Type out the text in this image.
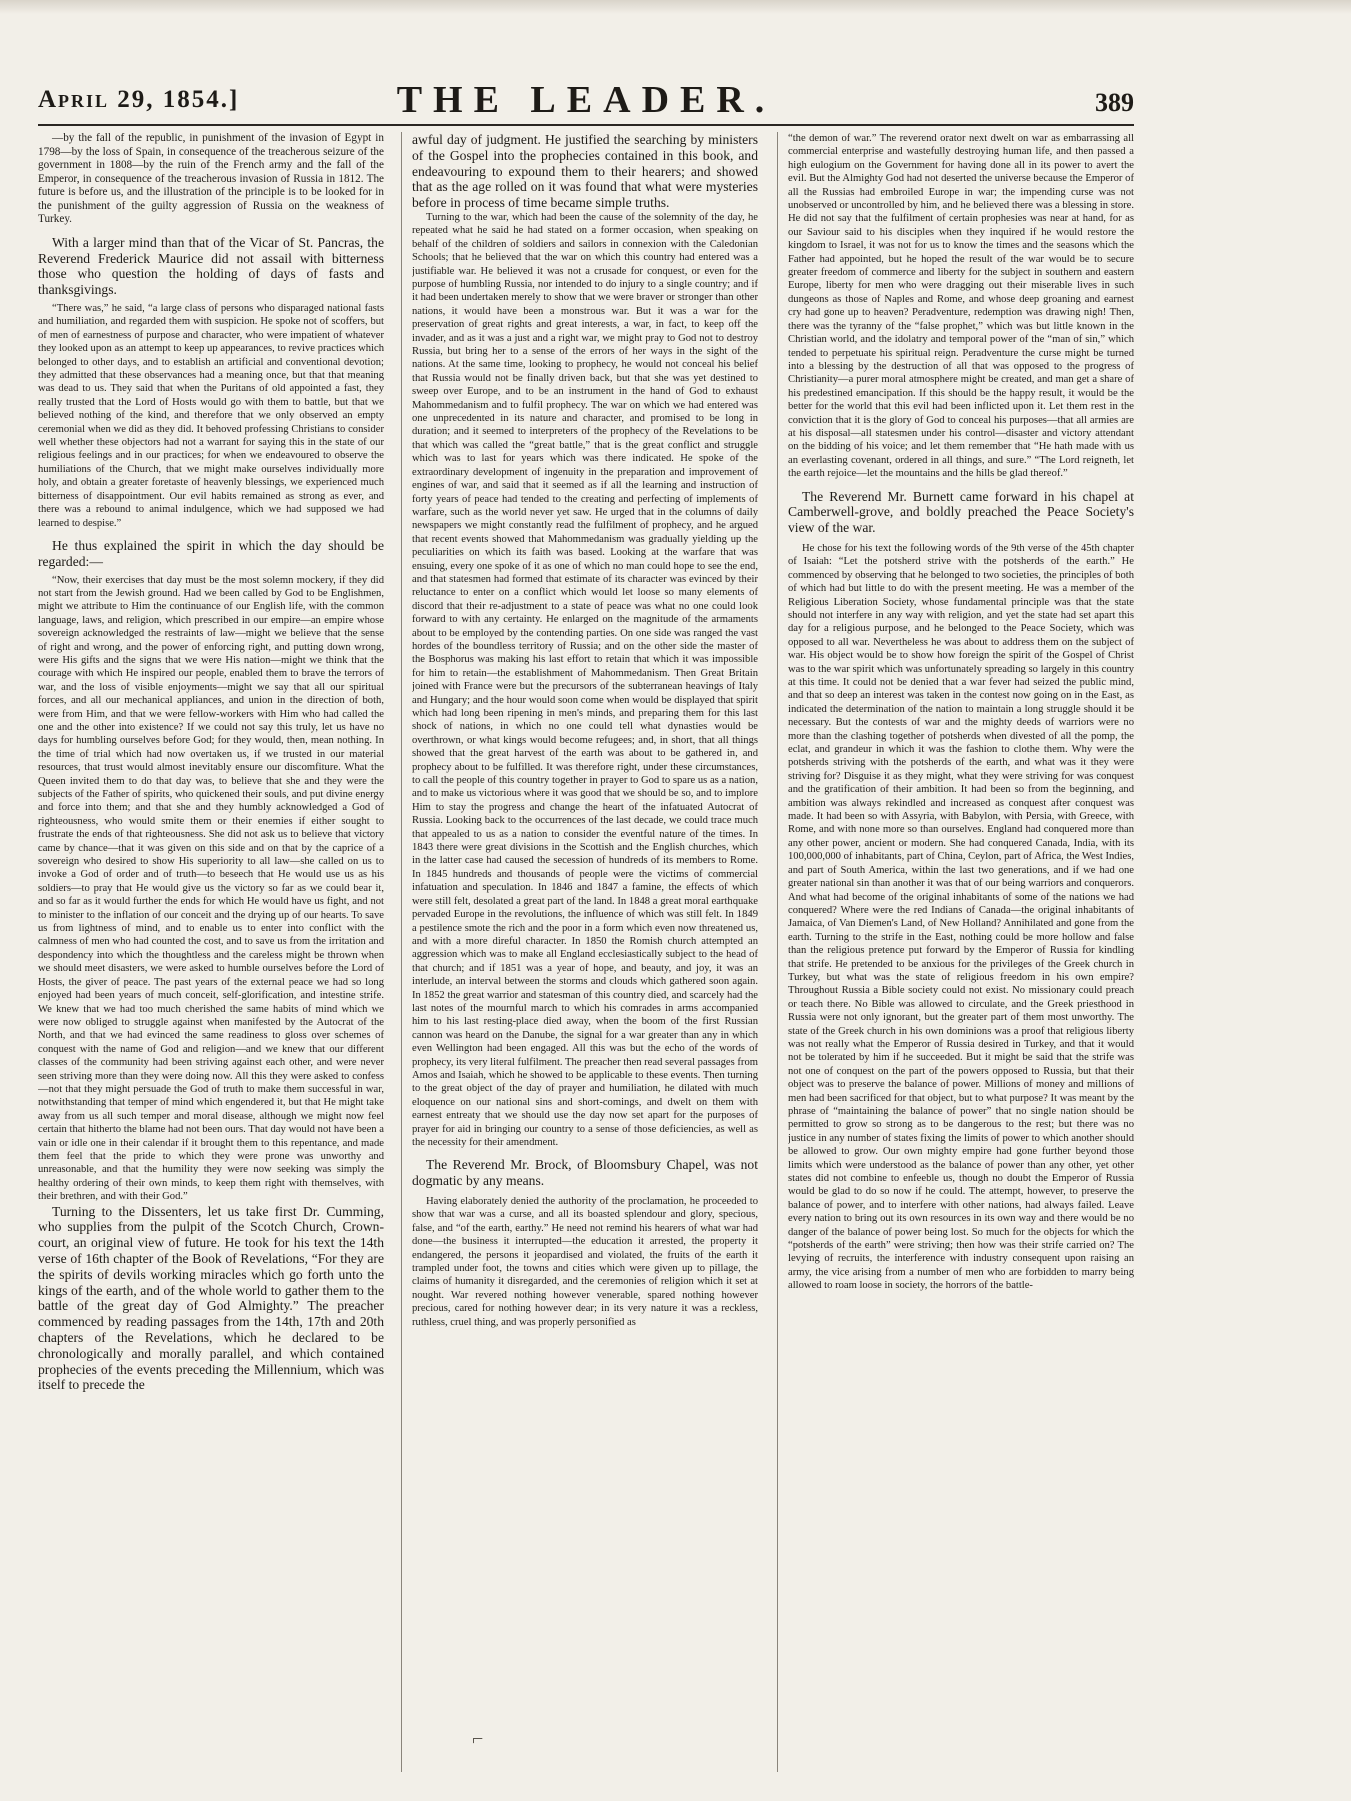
April 29, 1854.]	THE LEADER.	389

—by the fall of the republic, in punishment of the invasion of Egypt in 1798—by the loss of Spain, in consequence of the treacherous seizure of the government in 1808—by the ruin of the French army and the fall of the Emperor, in consequence of the treacherous invasion of Russia in 1812. The future is before us, and the illustration of the principle is to be looked for in the punishment of the guilty aggression of Russia on the weakness of Turkey.

With a larger mind than that of the Vicar of St. Pancras, the Reverend Frederick Maurice did not assail with bitterness those who question the holding of days of fasts and thanksgivings.

“There was,” he said, “a large class of persons who disparaged national fasts and humiliation, and regarded them with suspicion. He spoke not of scoffers, but of men of earnestness of purpose and character, who were impatient of whatever they looked upon as an attempt to keep up appearances, to revive practices which belonged to other days, and to establish an artificial and conventional devotion; they admitted that these observances had a meaning once, but that that meaning was dead to us. They said that when the Puritans of old appointed a fast, they really trusted that the Lord of Hosts would go with them to battle, but that we believed nothing of the kind, and therefore that we only observed an empty ceremonial when we did as they did. It behoved professing Christians to consider well whether these objectors had not a warrant for saying this in the state of our religious feelings and in our practices; for when we endeavoured to observe the humiliations of the Church, that we might make ourselves individually more holy, and obtain a greater foretaste of heavenly blessings, we experienced much bitterness of disappointment. Our evil habits remained as strong as ever, and there was a rebound to animal indulgence, which we had supposed we had learned to despise.”

He thus explained the spirit in which the day should be regarded:—

“Now, their exercises that day must be the most solemn mockery, if they did not start from the Jewish ground. Had we been called by God to be Englishmen, might we attribute to Him the continuance of our English life, with the common language, laws, and religion, which prescribed in our empire—an empire whose sovereign acknowledged the restraints of law—might we believe that the sense of right and wrong, and the power of enforcing right, and putting down wrong, were His gifts and the signs that we were His nation—might we think that the courage with which He inspired our people, enabled them to brave the terrors of war, and the loss of visible enjoyments—might we say that all our spiritual forces, and all our mechanical appliances, and union in the direction of both, were from Him, and that we were fellow-workers with Him who had called the one and the other into existence? If we could not say this truly, let us have no days for humbling ourselves before God; for they would, then, mean nothing. In the time of trial which had now overtaken us, if we trusted in our material resources, that trust would almost inevitably ensure our discomfiture. What the Queen invited them to do that day was, to believe that she and they were the subjects of the Father of spirits, who quickened their souls, and put divine energy and force into them; and that she and they humbly acknowledged a God of righteousness, who would smite them or their enemies if either sought to frustrate the ends of that righteousness. She did not ask us to believe that victory came by chance—that it was given on this side and on that by the caprice of a sovereign who desired to show His superiority to all law—she called on us to invoke a God of order and of truth—to beseech that He would use us as his soldiers—to pray that He would give us the victory so far as we could bear it, and so far as it would further the ends for which He would have us fight, and not to minister to the inflation of our conceit and the drying up of our hearts. To save us from lightness of mind, and to enable us to enter into conflict with the calmness of men who had counted the cost, and to save us from the irritation and despondency into which the thoughtless and the careless might be thrown when we should meet disasters, we were asked to humble ourselves before the Lord of Hosts, the giver of peace. The past years of the external peace we had so long enjoyed had been years of much conceit, self-glorification, and intestine strife. We knew that we had too much cherished the same habits of mind which we were now obliged to struggle against when manifested by the Autocrat of the North, and that we had evinced the same readiness to gloss over schemes of conquest with the name of God and religion—and we knew that our different classes of the community had been striving against each other, and were never seen striving more than they were doing now. All this they were asked to confess—not that they might persuade the God of truth to make them successful in war, notwithstanding that temper of mind which engendered it, but that He might take away from us all such temper and moral disease, although we might now feel certain that hitherto the blame had not been ours. That day would not have been a vain or idle one in their calendar if it brought them to this repentance, and made them feel that the pride to which they were prone was unworthy and unreasonable, and that the humility they were now seeking was simply the healthy ordering of their own minds, to keep them right with themselves, with their brethren, and with their God.”

Turning to the Dissenters, let us take first Dr. Cumming, who supplies from the pulpit of the Scotch Church, Crown-court, an original view of future. He took for his text the 14th verse of 16th chapter of the Book of Revelations, “For they are the spirits of devils working miracles which go forth unto the kings of the earth, and of the whole world to gather them to the battle of the great day of God Almighty.” The preacher commenced by reading passages from the 14th, 17th and 20th chapters of the Revelations, which he declared to be chronologically and morally parallel, and which contained prophecies of the events preceding the Millennium, which was itself to precede the

awful day of judgment. He justified the searching by ministers of the Gospel into the prophecies contained in this book, and endeavouring to expound them to their hearers; and showed that as the age rolled on it was found that what were mysteries before in process of time became simple truths.

Turning to the war, which had been the cause of the solemnity of the day, he repeated what he said he had stated on a former occasion, when speaking on behalf of the children of soldiers and sailors in connexion with the Caledonian Schools; that he believed that the war on which this country had entered was a justifiable war. He believed it was not a crusade for conquest, or even for the purpose of humbling Russia, nor intended to do injury to a single country; and if it had been undertaken merely to show that we were braver or stronger than other nations, it would have been a monstrous war. But it was a war for the preservation of great rights and great interests, a war, in fact, to keep off the invader, and as it was a just and a right war, we might pray to God not to destroy Russia, but bring her to a sense of the errors of her ways in the sight of the nations. At the same time, looking to prophecy, he would not conceal his belief that Russia would not be finally driven back, but that she was yet destined to sweep over Europe, and to be an instrument in the hand of God to exhaust Mahommedanism and to fulfil prophecy. The war on which we had entered was one unprecedented in its nature and character, and promised to be long in duration; and it seemed to interpreters of the prophecy of the Revelations to be that which was called the “great battle,” that is the great conflict and struggle which was to last for years which was there indicated. He spoke of the extraordinary development of ingenuity in the preparation and improvement of engines of war, and said that it seemed as if all the learning and instruction of forty years of peace had tended to the creating and perfecting of implements of warfare, such as the world never yet saw. He urged that in the columns of daily newspapers we might constantly read the fulfilment of prophecy, and he argued that recent events showed that Mahommedanism was gradually yielding up the peculiarities on which its faith was based. Looking at the warfare that was ensuing, every one spoke of it as one of which no man could hope to see the end, and that statesmen had formed that estimate of its character was evinced by their reluctance to enter on a conflict which would let loose so many elements of discord that their re-adjustment to a state of peace was what no one could look forward to with any certainty. He enlarged on the magnitude of the armaments about to be employed by the contending parties. On one side was ranged the vast hordes of the boundless territory of Russia; and on the other side the master of the Bosphorus was making his last effort to retain that which it was impossible for him to retain—the establishment of Mahommedanism. Then Great Britain joined with France were but the precursors of the subterranean heavings of Italy and Hungary; and the hour would soon come when would be displayed that spirit which had long been ripening in men's minds, and preparing them for this last shock of nations, in which no one could tell what dynasties would be overthrown, or what kings would become refugees; and, in short, that all things showed that the great harvest of the earth was about to be gathered in, and prophecy about to be fulfilled. It was therefore right, under these circumstances, to call the people of this country together in prayer to God to spare us as a nation, and to make us victorious where it was good that we should be so, and to implore Him to stay the progress and change the heart of the infatuated Autocrat of Russia. Looking back to the occurrences of the last decade, we could trace much that appealed to us as a nation to consider the eventful nature of the times. In 1843 there were great divisions in the Scottish and the English churches, which in the latter case had caused the secession of hundreds of its members to Rome. In 1845 hundreds and thousands of people were the victims of commercial infatuation and speculation. In 1846 and 1847 a famine, the effects of which were still felt, desolated a great part of the land. In 1848 a great moral earthquake pervaded Europe in the revolutions, the influence of which was still felt. In 1849 a pestilence smote the rich and the poor in a form which even now threatened us, and with a more direful character. In 1850 the Romish church attempted an aggression which was to make all England ecclesiastically subject to the head of that church; and if 1851 was a year of hope, and beauty, and joy, it was an interlude, an interval between the storms and clouds which gathered soon again. In 1852 the great warrior and statesman of this country died, and scarcely had the last notes of the mournful march to which his comrades in arms accompanied him to his last resting-place died away, when the boom of the first Russian cannon was heard on the Danube, the signal for a war greater than any in which even Wellington had been engaged. All this was but the echo of the words of prophecy, its very literal fulfilment. The preacher then read several passages from Amos and Isaiah, which he showed to be applicable to these events. Then turning to the great object of the day of prayer and humiliation, he dilated with much eloquence on our national sins and short-comings, and dwelt on them with earnest entreaty that we should use the day now set apart for the purposes of prayer for aid in bringing our country to a sense of those deficiencies, as well as the necessity for their amendment.

The Reverend Mr. Brock, of Bloomsbury Chapel, was not dogmatic by any means.

Having elaborately denied the authority of the proclamation, he proceeded to show that war was a curse, and all its boasted splendour and glory, specious, false, and “of the earth, earthy.” He need not remind his hearers of what war had done—the business it interrupted—the education it arrested, the property it endangered, the persons it jeopardised and violated, the fruits of the earth it trampled under foot, the towns and cities which were given up to pillage, the claims of humanity it disregarded, and the ceremonies of religion which it set at nought. War revered nothing however venerable, spared nothing however precious, cared for nothing however dear; in its very nature it was a reckless, ruthless, cruel thing, and was properly personified as

“the demon of war.” The reverend orator next dwelt on war as embarrassing all commercial enterprise and wastefully destroying human life, and then passed a high eulogium on the Government for having done all in its power to avert the evil. But the Almighty God had not deserted the universe because the Emperor of all the Russias had embroiled Europe in war; the impending curse was not unobserved or uncontrolled by him, and he believed there was a blessing in store. He did not say that the fulfilment of certain prophesies was near at hand, for as our Saviour said to his disciples when they inquired if he would restore the kingdom to Israel, it was not for us to know the times and the seasons which the Father had appointed, but he hoped the result of the war would be to secure greater freedom of commerce and liberty for the subject in southern and eastern Europe, liberty for men who were dragging out their miserable lives in such dungeons as those of Naples and Rome, and whose deep groaning and earnest cry had gone up to heaven? Peradventure, redemption was drawing nigh! Then, there was the tyranny of the “false prophet,” which was but little known in the Christian world, and the idolatry and temporal power of the “man of sin,” which tended to perpetuate his spiritual reign. Peradventure the curse might be turned into a blessing by the destruction of all that was opposed to the progress of Christianity—a purer moral atmosphere might be created, and man get a share of his predestined emancipation. If this should be the happy result, it would be the better for the world that this evil had been inflicted upon it. Let them rest in the conviction that it is the glory of God to conceal his purposes—that all armies are at his disposal—all statesmen under his control—disaster and victory attendant on the bidding of his voice; and let them remember that “He hath made with us an everlasting covenant, ordered in all things, and sure.” “The Lord reigneth, let the earth rejoice—let the mountains and the hills be glad thereof.”

The Reverend Mr. Burnett came forward in his chapel at Camberwell-grove, and boldly preached the Peace Society's view of the war.

He chose for his text the following words of the 9th verse of the 45th chapter of Isaiah: “Let the potsherd strive with the potsherds of the earth.” He commenced by observing that he belonged to two societies, the principles of both of which had but little to do with the present meeting. He was a member of the Religious Liberation Society, whose fundamental principle was that the state should not interfere in any way with religion, and yet the state had set apart this day for a religious purpose, and he belonged to the Peace Society, which was opposed to all war. Nevertheless he was about to address them on the subject of war. His object would be to show how foreign the spirit of the Gospel of Christ was to the war spirit which was unfortunately spreading so largely in this country at this time. It could not be denied that a war fever had seized the public mind, and that so deep an interest was taken in the contest now going on in the East, as indicated the determination of the nation to maintain a long struggle should it be necessary. But the contests of war and the mighty deeds of warriors were no more than the clashing together of potsherds when divested of all the pomp, the eclat, and grandeur in which it was the fashion to clothe them. Why were the potsherds striving with the potsherds of the earth, and what was it they were striving for? Disguise it as they might, what they were striving for was conquest and the gratification of their ambition. It had been so from the beginning, and ambition was always rekindled and increased as conquest after conquest was made. It had been so with Assyria, with Babylon, with Persia, with Greece, with Rome, and with none more so than ourselves. England had conquered more than any other power, ancient or modern. She had conquered Canada, India, with its 100,000,000 of inhabitants, part of China, Ceylon, part of Africa, the West Indies, and part of South America, within the last two generations, and if we had one greater national sin than another it was that of our being warriors and conquerors. And what had become of the original inhabitants of some of the nations we had conquered? Where were the red Indians of Canada—the original inhabitants of Jamaica, of Van Diemen's Land, of New Holland? Annihilated and gone from the earth. Turning to the strife in the East, nothing could be more hollow and false than the religious pretence put forward by the Emperor of Russia for kindling that strife. He pretended to be anxious for the privileges of the Greek church in Turkey, but what was the state of religious freedom in his own empire? Throughout Russia a Bible society could not exist. No missionary could preach or teach there. No Bible was allowed to circulate, and the Greek priesthood in Russia were not only ignorant, but the greater part of them most unworthy. The state of the Greek church in his own dominions was a proof that religious liberty was not really what the Emperor of Russia desired in Turkey, and that it would not be tolerated by him if he succeeded. But it might be said that the strife was not one of conquest on the part of the powers opposed to Russia, but that their object was to preserve the balance of power. Millions of money and millions of men had been sacrificed for that object, but to what purpose? It was meant by the phrase of “maintaining the balance of power” that no single nation should be permitted to grow so strong as to be dangerous to the rest; but there was no justice in any number of states fixing the limits of power to which another should be allowed to grow. Our own mighty empire had gone further beyond those limits which were understood as the balance of power than any other, yet other states did not combine to enfeeble us, though no doubt the Emperor of Russia would be glad to do so now if he could. The attempt, however, to preserve the balance of power, and to interfere with other nations, had always failed. Leave every nation to bring out its own resources in its own way and there would be no danger of the balance of power being lost. So much for the objects for which the “potsherds of the earth” were striving; then how was their strife carried on? The levying of recruits, the interference with industry consequent upon raising an army, the vice arising from a number of men who are forbidden to marry being allowed to roam loose in society, the horrors of the battle-

⌐
